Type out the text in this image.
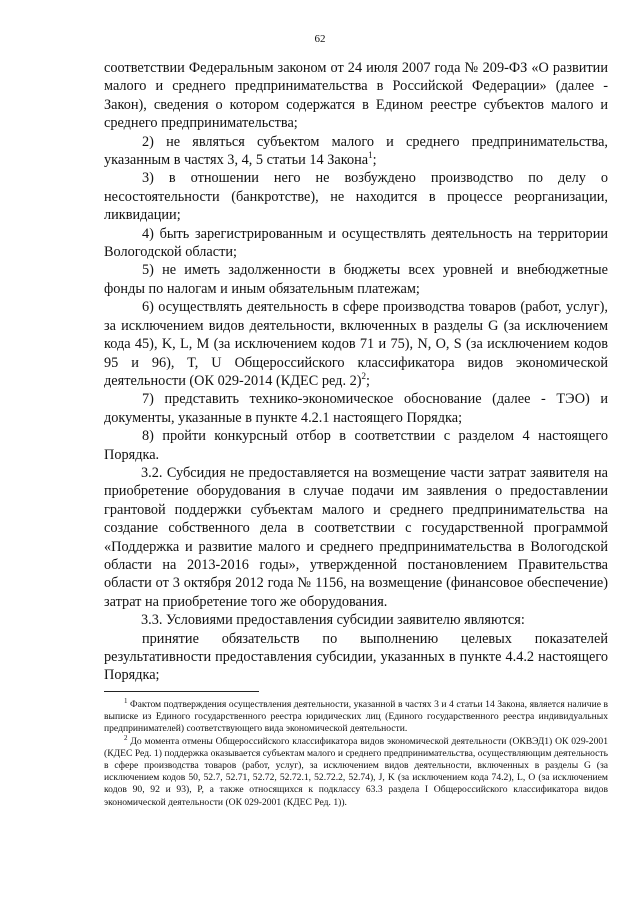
62

соответствии Федеральным законом от 24 июля 2007 года № 209-ФЗ «О развитии малого и среднего предпринимательства в Российской Федерации» (далее - Закон), сведения о котором содержатся в Едином реестре субъектов малого и среднего предпринимательства;

2) не являться субъектом малого и среднего предпринимательства, указанным в частях 3, 4, 5 статьи 14 Закона$^1$;

3) в отношении него не возбуждено производство по делу о несостоятельности (банкротстве), не находится в процессе реорганизации, ликвидации;

4) быть зарегистрированным и осуществлять деятельность на территории Вологодской области;

5) не иметь задолженности в бюджеты всех уровней и внебюджетные фонды по налогам и иным обязательным платежам;

6) осуществлять деятельность в сфере производства товаров (работ, услуг), за исключением видов деятельности, включенных в разделы G (за исключением кода 45), K, L, M (за исключением кодов 71 и 75), N, O, S (за исключением кодов 95 и 96), T, U Общероссийского классификатора видов экономической деятельности (ОК 029-2014 (КДЕС ред. 2)$^2$;

7) представить технико-экономическое обоснование (далее - ТЭО) и документы, указанные в пункте 4.2.1 настоящего Порядка;

8) пройти конкурсный отбор в соответствии с разделом 4 настоящего Порядка.

3.2. Субсидия не предоставляется на возмещение части затрат заявителя на приобретение оборудования в случае подачи им заявления о предоставлении грантовой поддержки субъектам малого и среднего предпринимательства на создание собственного дела в соответствии с государственной программой «Поддержка и развитие малого и среднего предпринимательства в Вологодской области на 2013-2016 годы», утвержденной постановлением Правительства области от 3 октября 2012 года № 1156, на возмещение (финансовое обеспечение) затрат на приобретение того же оборудования.

3.3. Условиями предоставления субсидии заявителю являются:

принятие обязательств по выполнению целевых показателей результативности предоставления субсидии, указанных в пункте 4.4.2 настоящего Порядка;

$^1$ Фактом подтверждения осуществления деятельности, указанной в частях 3 и 4 статьи 14 Закона, является наличие в выписке из Единого государственного реестра юридических лиц (Единого государственного реестра индивидуальных предпринимателей) соответствующего вида экономической деятельности.

$^2$ До момента отмены Общероссийского классификатора видов экономической деятельности (ОКВЭД1) ОК 029-2001 (КДЕС Ред. 1) поддержка оказывается субъектам малого и среднего предпринимательства, осуществляющим деятельность в сфере производства товаров (работ, услуг), за исключением видов деятельности, включенных в разделы G (за исключением кодов 50, 52.7, 52.71, 52.72, 52.72.1, 52.72.2, 52.74), J, K (за исключением кода 74.2), L, O (за исключением кодов 90, 92 и 93), P, а также относящихся к подклассу 63.3 раздела I Общероссийского классификатора видов экономической деятельности (ОК 029-2001 (КДЕС Ред. 1)).
